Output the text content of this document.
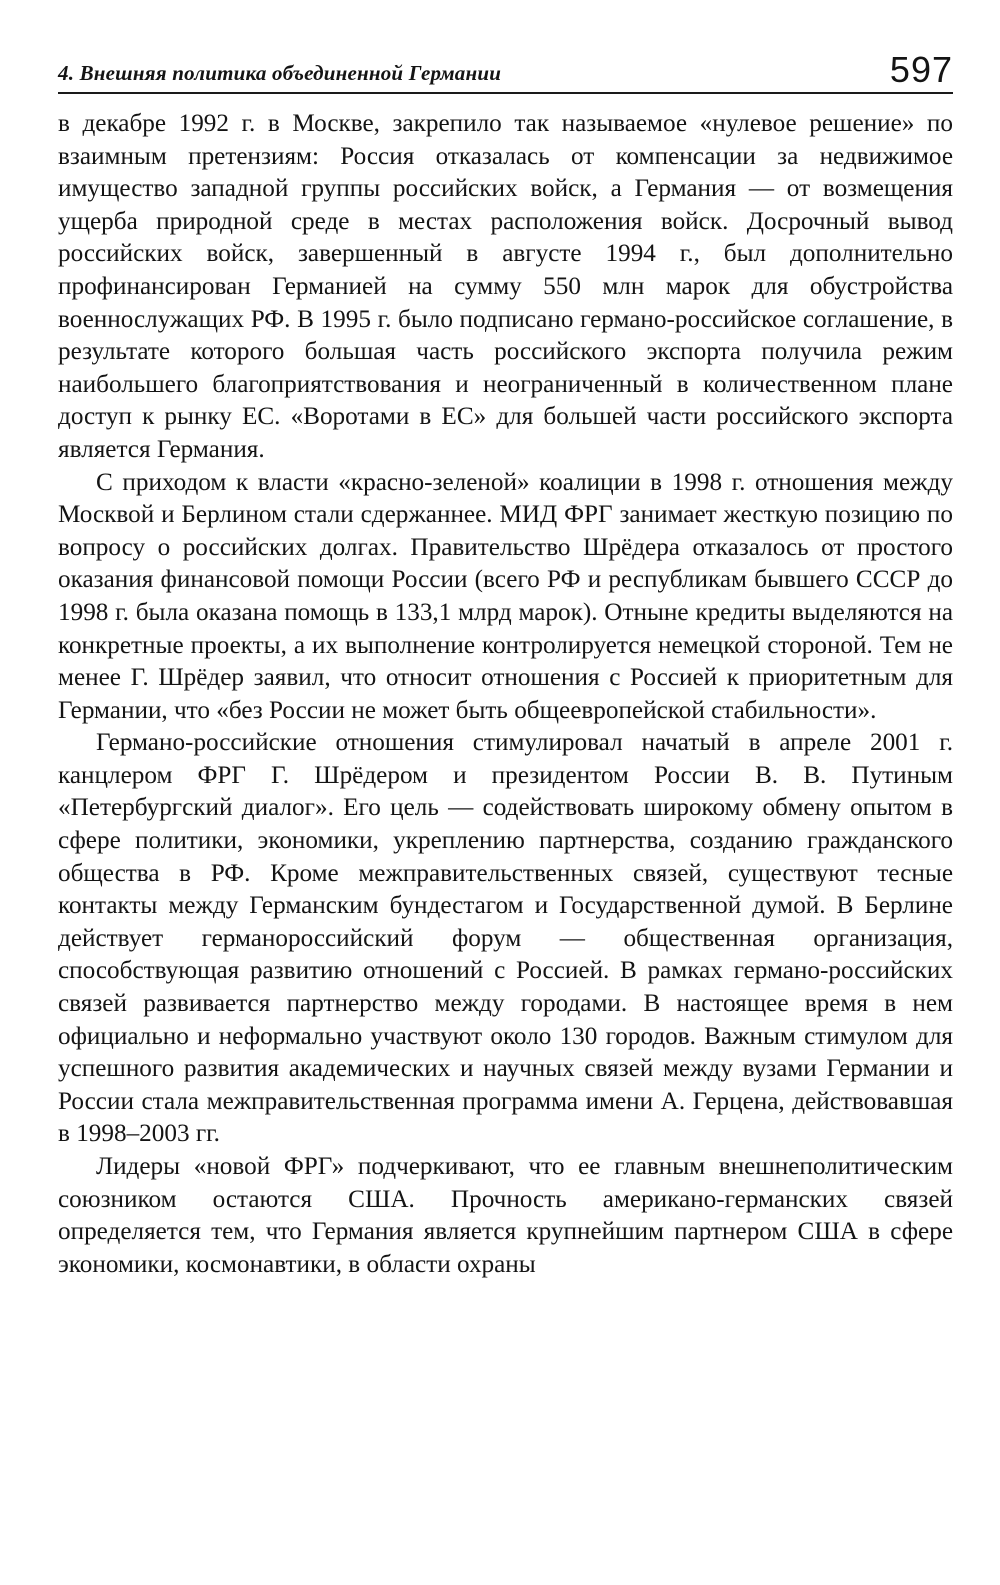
4. Внешняя политика объединенной Германии	597

в декабре 1992 г. в Москве, закрепило так называемое «нулевое решение» по взаимным претензиям: Россия отказалась от компенсации за недвижимое имущество западной группы российских войск, а Германия — от возмещения ущерба природной среде в местах расположения войск. Досрочный вывод российских войск, завершенный в августе 1994 г., был дополнительно профинансирован Германией на сумму 550 млн марок для обустройства военнослужащих РФ. В 1995 г. было подписано германо-российское соглашение, в результате которого большая часть российского экспорта получила режим наибольшего благоприятствования и неограниченный в количественном плане доступ к рынку ЕС. «Воротами в ЕС» для большей части российского экспорта является Германия.

С приходом к власти «красно-зеленой» коалиции в 1998 г. отношения между Москвой и Берлином стали сдержаннее. МИД ФРГ занимает жесткую позицию по вопросу о российских долгах. Правительство Шрёдера отказалось от простого оказания финансовой помощи России (всего РФ и республикам бывшего СССР до 1998 г. была оказана помощь в 133,1 млрд марок). Отныне кредиты выделяются на конкретные проекты, а их выполнение контролируется немецкой стороной. Тем не менее Г. Шрёдер заявил, что относит отношения с Россией к приоритетным для Германии, что «без России не может быть общеевропейской стабильности».

Германо-российские отношения стимулировал начатый в апреле 2001 г. канцлером ФРГ Г. Шрёдером и президентом России В. В. Путиным «Петербургский диалог». Его цель — содействовать широкому обмену опытом в сфере политики, экономики, укреплению партнерства, созданию гражданского общества в РФ. Кроме межправительственных связей, существуют тесные контакты между Германским бундестагом и Государственной думой. В Берлине действует германороссийский форум — общественная организация, способствующая развитию отношений с Россией. В рамках германо-российских связей развивается партнерство между городами. В настоящее время в нем официально и неформально участвуют около 130 городов. Важным стимулом для успешного развития академических и научных связей между вузами Германии и России стала межправительственная программа имени А. Герцена, действовавшая в 1998–2003 гг.

Лидеры «новой ФРГ» подчеркивают, что ее главным внешнеполитическим союзником остаются США. Прочность американо-германских связей определяется тем, что Германия является крупнейшим партнером США в сфере экономики, космонавтики, в области охраны
